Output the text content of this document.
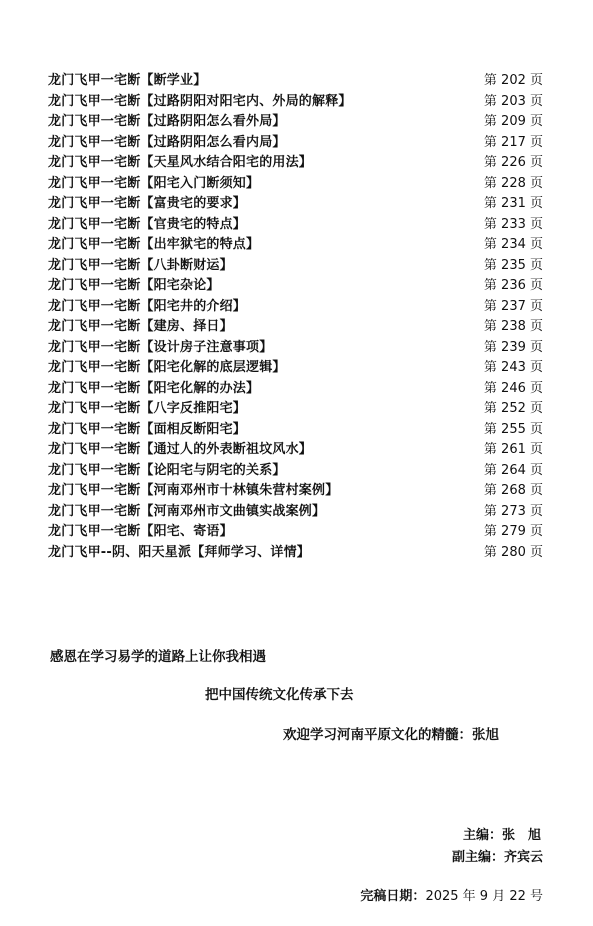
龙门飞甲一宅断【断学业】	第 202 页
龙门飞甲一宅断【过路阴阳对阳宅内、外局的解释】	第 203 页
龙门飞甲一宅断【过路阴阳怎么看外局】	第 209 页
龙门飞甲一宅断【过路阴阳怎么看内局】	第 217 页
龙门飞甲一宅断【天星风水结合阳宅的用法】	第 226 页
龙门飞甲一宅断【阳宅入门断须知】	第 228 页
龙门飞甲一宅断【富贵宅的要求】	第 231 页
龙门飞甲一宅断【官贵宅的特点】	第 233 页
龙门飞甲一宅断【出牢狱宅的特点】	第 234 页
龙门飞甲一宅断【八卦断财运】	第 235 页
龙门飞甲一宅断【阳宅杂论】	第 236 页
龙门飞甲一宅断【阳宅井的介绍】	第 237 页
龙门飞甲一宅断【建房、择日】	第 238 页
龙门飞甲一宅断【设计房子注意事项】	第 239 页
龙门飞甲一宅断【阳宅化解的底层逻辑】	第 243 页
龙门飞甲一宅断【阳宅化解的办法】	第 246 页
龙门飞甲一宅断【八字反推阳宅】	第 252 页
龙门飞甲一宅断【面相反断阳宅】	第 255 页
龙门飞甲一宅断【通过人的外表断祖坟风水】	第 261 页
龙门飞甲一宅断【论阳宅与阴宅的关系】	第 264 页
龙门飞甲一宅断【河南邓州市十林镇朱营村案例】	第 268 页
龙门飞甲一宅断【河南邓州市文曲镇实战案例】	第 273 页
龙门飞甲一宅断【阳宅、寄语】	第 279 页
龙门飞甲--阴、阳天星派【拜师学习、详情】	第 280 页
感恩在学习易学的道路上让你我相遇
把中国传统文化传承下去
欢迎学习河南平原文化的精髓：张旭
主编：张　旭
副主编：齐宾云
完稿日期：2025 年 9 月 22 号
